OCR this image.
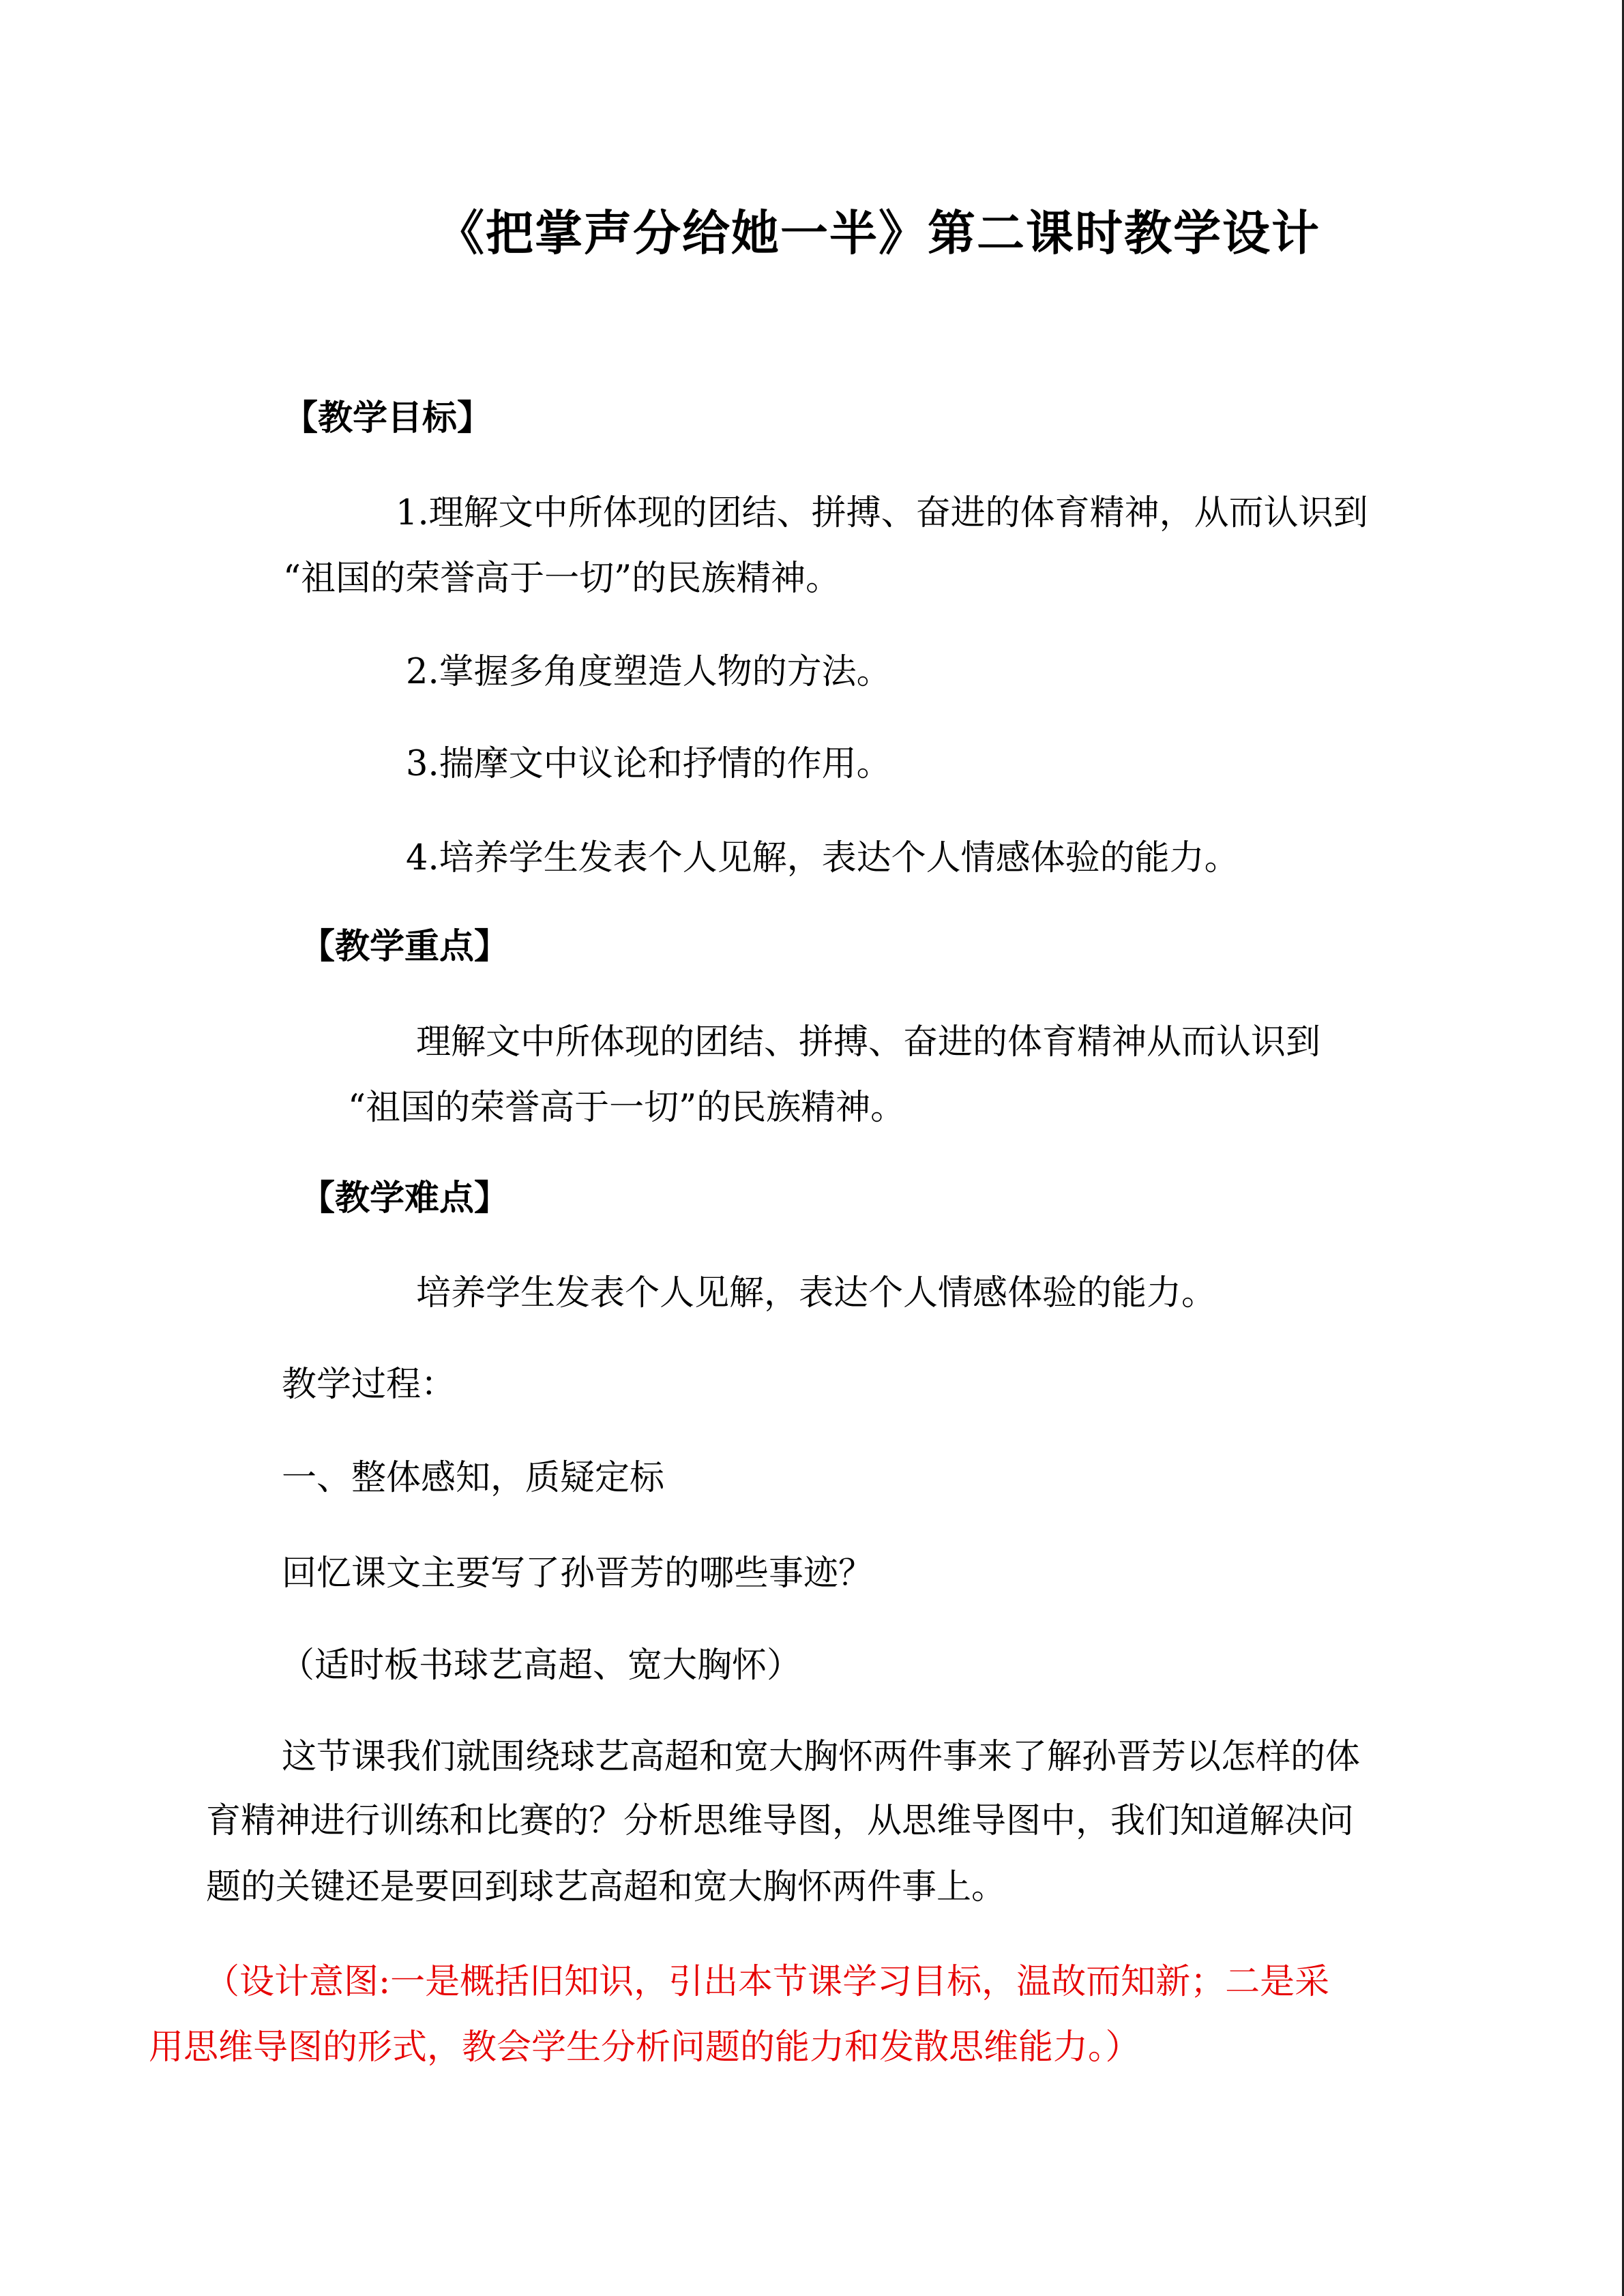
《把掌声分给她一半》第二课时教学设计
【教学目标】
1.理解文中所体现的团结、拼搏、奋进的体育精神，从而认识到
“祖国的荣誉高于一切”的民族精神。
2.掌握多角度塑造人物的方法。
3.揣摩文中议论和抒情的作用。
4.培养学生发表个人见解，表达个人情感体验的能力。
【教学重点】
理解文中所体现的团结、拼搏、奋进的体育精神从而认识到
“祖国的荣誉高于一切”的民族精神。
【教学难点】
培养学生发表个人见解，表达个人情感体验的能力。
教学过程：
一、整体感知，质疑定标
回忆课文主要写了孙晋芳的哪些事迹？
（适时板书球艺高超、宽大胸怀）
这节课我们就围绕球艺高超和宽大胸怀两件事来了解孙晋芳以怎样的体
育精神进行训练和比赛的？分析思维导图，从思维导图中，我们知道解决问
题的关键还是要回到球艺高超和宽大胸怀两件事上。
（设计意图:一是概括旧知识，引出本节课学习目标，温故而知新；二是采
用思维导图的形式，教会学生分析问题的能力和发散思维能力。）
